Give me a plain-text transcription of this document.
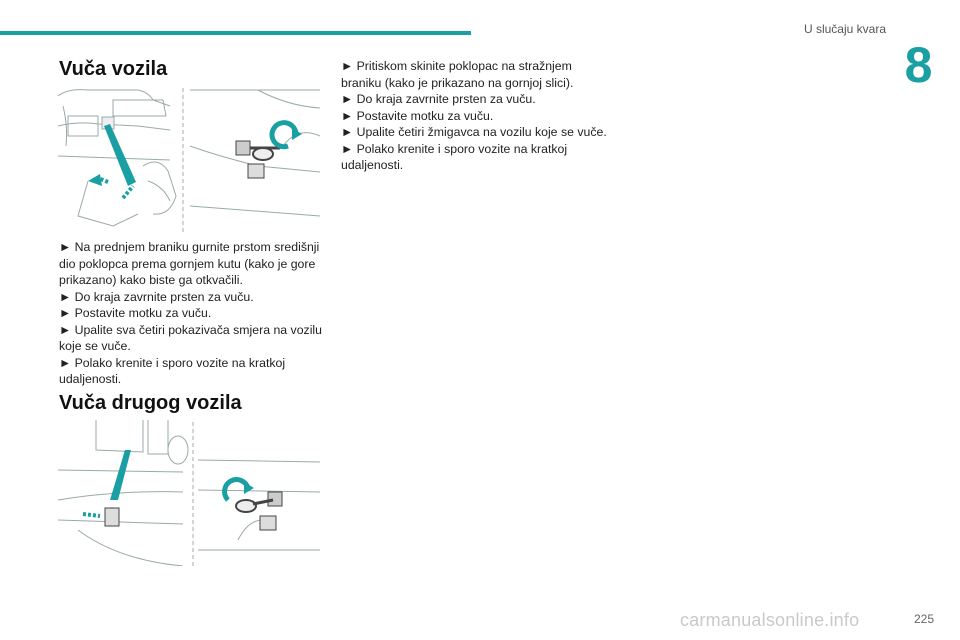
U slučaju kvara
8
Vuča vozila

► Na prednjem braniku gurnite prstom središnji dio poklopca prema gornjem kutu (kako je gore prikazano) kako biste ga otkvačili.

► Do kraja zavrnite prsten za vuču.

► Postavite motku za vuču.

► Upalite sva četiri pokazivača smjera na vozilu koje se vuče.

► Polako krenite i sporo vozite na kratkoj udaljenosti.

Vuča drugog vozila

► Pritiskom skinite poklopac na stražnjem braniku (kako je prikazano na gornjoj slici).

► Do kraja zavrnite prsten za vuču.

► Postavite motku za vuču.

► Upalite četiri žmigavca na vozilu koje se vuče.

► Polako krenite i sporo vozite na kratkoj udaljenosti.

carmanualsonline.info	225
